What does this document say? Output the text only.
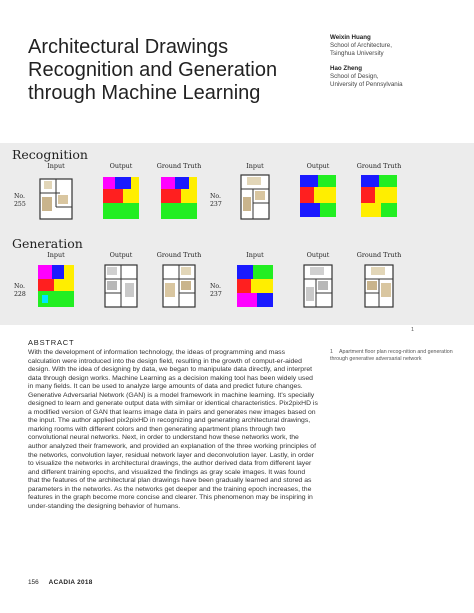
Architectural Drawings Recognition and Generation through Machine Learning
Weixin Huang
School of Architecture,
Tsinghua University
Hao Zheng
School of Design,
University of Pennsylvania
Recognition
Input	Output	Ground Truth	Input	Output	Ground Truth
No.
255
No.
237
Generation
Input	Output	Ground Truth	Input	Output	Ground Truth
No.
228
No.
237
1
ABSTRACT

With the development of information technology, the ideas of programming and mass calculation were introduced into the design field, resulting in the growth of comput-er-aided design. With the idea of designing by data, we began to manipulate data directly, and interpret data through design works. Machine Learning as a decision making tool has been widely used in many fields. It can be used to analyze large amounts of data and predict future changes. Generative Adversarial Network (GAN) is a model framework in machine learning. It's specially designed to learn and generate output data with similar or identical characteristics. Pix2pixHD is a modified version of GAN that learns image data in pairs and generates new images based on the input. The author applied pix2pixHD in recognizing and generating architectural drawings, marking rooms with different colors and then generating apartment plans through two convolutional neural networks. Next, in order to understand how these networks work, the author analyzed their framework, and provided an explanation of the three working principles of the networks, convolution layer, residual network layer and deconvolution layer. Lastly, in order to visualize the networks in architectural drawings, the author derived data from different layer and different training epochs, and visualized the findings as gray scale images. It was found that the features of the architectural plan drawings have been gradually learned and stored as parameters in the networks. As the networks get deeper and the training epoch increases, the features in the graph become more concise and clearer. This phenomenon may be inspiring in under-standing the designing behavior of humans.

1 Apartment floor plan recog-nition and generation through generative adversarial network
156 ACADIA 2018
